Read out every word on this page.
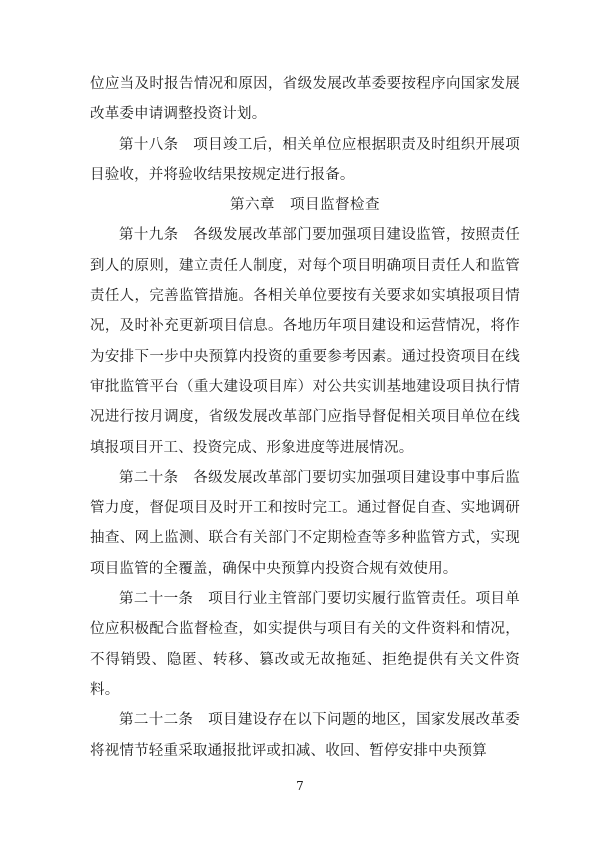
位应当及时报告情况和原因，省级发展改革委要按程序向国家发展改革委申请调整投资计划。

第十八条　项目竣工后，相关单位应根据职责及时组织开展项目验收，并将验收结果按规定进行报备。

第六章　项目监督检查

第十九条　各级发展改革部门要加强项目建设监管，按照责任到人的原则，建立责任人制度，对每个项目明确项目责任人和监管责任人，完善监管措施。各相关单位要按有关要求如实填报项目情况，及时补充更新项目信息。各地历年项目建设和运营情况，将作为安排下一步中央预算内投资的重要参考因素。通过投资项目在线审批监管平台（重大建设项目库）对公共实训基地建设项目执行情况进行按月调度，省级发展改革部门应指导督促相关项目单位在线填报项目开工、投资完成、形象进度等进展情况。

第二十条　各级发展改革部门要切实加强项目建设事中事后监管力度，督促项目及时开工和按时完工。通过督促自查、实地调研抽查、网上监测、联合有关部门不定期检查等多种监管方式，实现项目监管的全覆盖，确保中央预算内投资合规有效使用。

第二十一条　项目行业主管部门要切实履行监管责任。项目单位应积极配合监督检查，如实提供与项目有关的文件资料和情况，不得销毁、隐匿、转移、篡改或无故拖延、拒绝提供有关文件资料。

第二十二条　项目建设存在以下问题的地区，国家发展改革委将视情节轻重采取通报批评或扣减、收回、暂停安排中央预算

7
